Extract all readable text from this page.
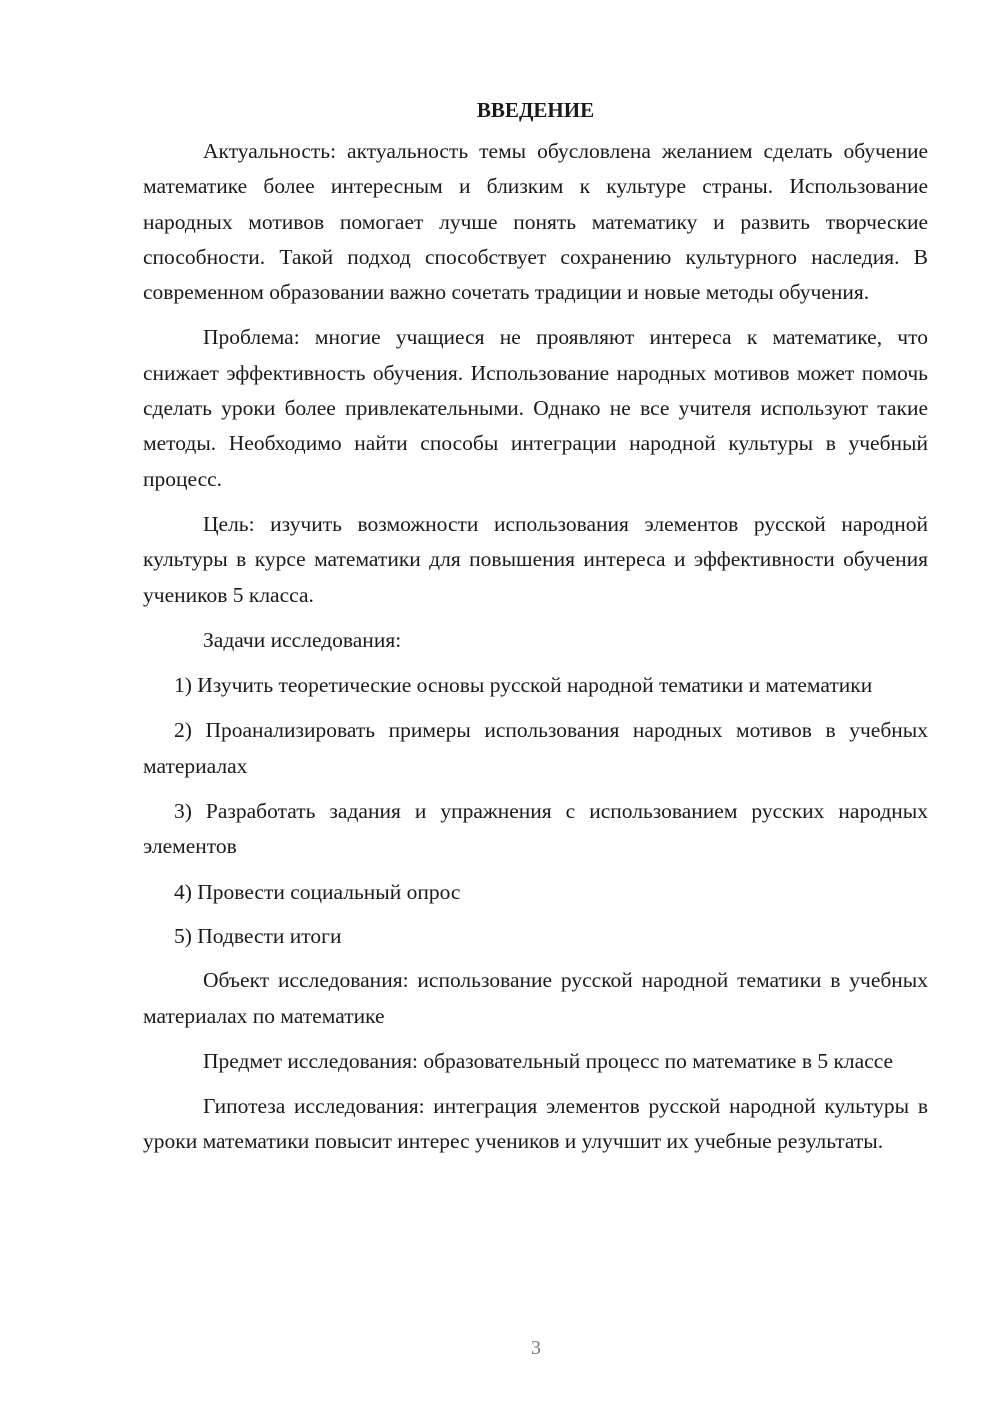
ВВЕДЕНИЕ

Актуальность: актуальность темы обусловлена желанием сделать обучение математике более интересным и близким к культуре страны. Использование народных мотивов помогает лучше понять математику и развить творческие способности. Такой подход способствует сохранению культурного наследия. В современном образовании важно сочетать традиции и новые методы обучения.

Проблема: многие учащиеся не проявляют интереса к математике, что снижает эффективность обучения. Использование народных мотивов может помочь сделать уроки более привлекательными. Однако не все учителя используют такие методы. Необходимо найти способы интеграции народной культуры в учебный процесс.

Цель: изучить возможности использования элементов русской народной культуры в курсе математики для повышения интереса и эффективности обучения учеников 5 класса.

Задачи исследования:

1) Изучить теоретические основы русской народной тематики и математики

2) Проанализировать примеры использования народных мотивов в учебных материалах

3) Разработать задания и упражнения с использованием русских народных элементов

4) Провести социальный опрос

5) Подвести итоги

Объект исследования: использование русской народной тематики в учебных материалах по математике

Предмет исследования: образовательный процесс по математике в 5 классе

Гипотеза исследования: интеграция элементов русской народной культуры в уроки математики повысит интерес учеников и улучшит их учебные результаты.

3
